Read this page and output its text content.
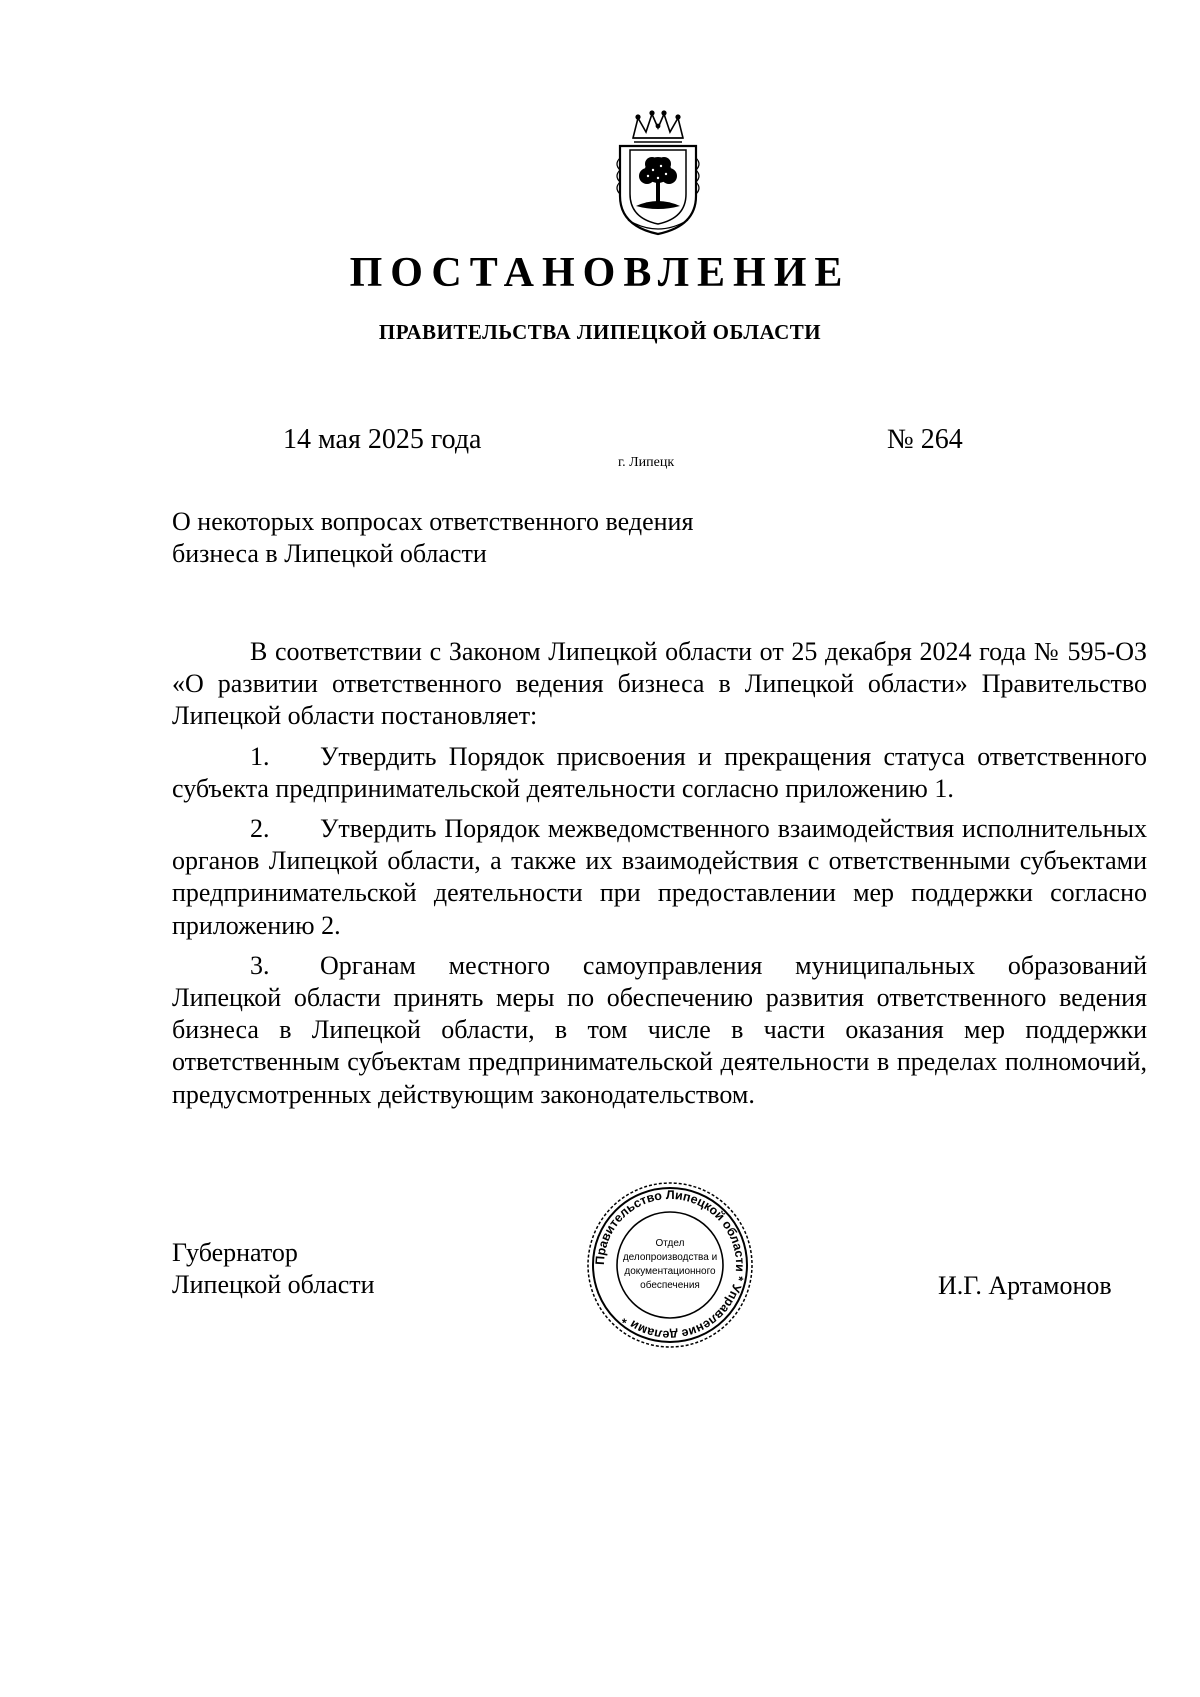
ПОСТАНОВЛЕНИЕ
ПРАВИТЕЛЬСТВА ЛИПЕЦКОЙ ОБЛАСТИ
14 мая 2025 года
г. Липецк
№ 264
О некоторых вопросах ответственного ведения
бизнеса в Липецкой области

В соответствии с Законом Липецкой области от 25 декабря 2024 года № 595-ОЗ «О развитии ответственного ведения бизнеса в Липецкой области» Правительство Липецкой области постановляет:

1. Утвердить Порядок присвоения и прекращения статуса ответственного субъекта предпринимательской деятельности согласно приложению 1.

2. Утвердить Порядок межведомственного взаимодействия исполнительных органов Липецкой области, а также их взаимодействия с ответственными субъектами предпринимательской деятельности при предоставлении мер поддержки согласно приложению 2.

3. Органам местного самоуправления муниципальных образований Липецкой области принять меры по обеспечению развития ответственного ведения бизнеса в Липецкой области, в том числе в части оказания мер поддержки ответственным субъектам предпринимательской деятельности в пределах полномочий, предусмотренных действующим законодательством.

Губернатор
Липецкой области	И.Г. Артамонов
Правительство Липецкой области * Управление делами *
Отдел
делопроизводства и
документационного
обеспечения
